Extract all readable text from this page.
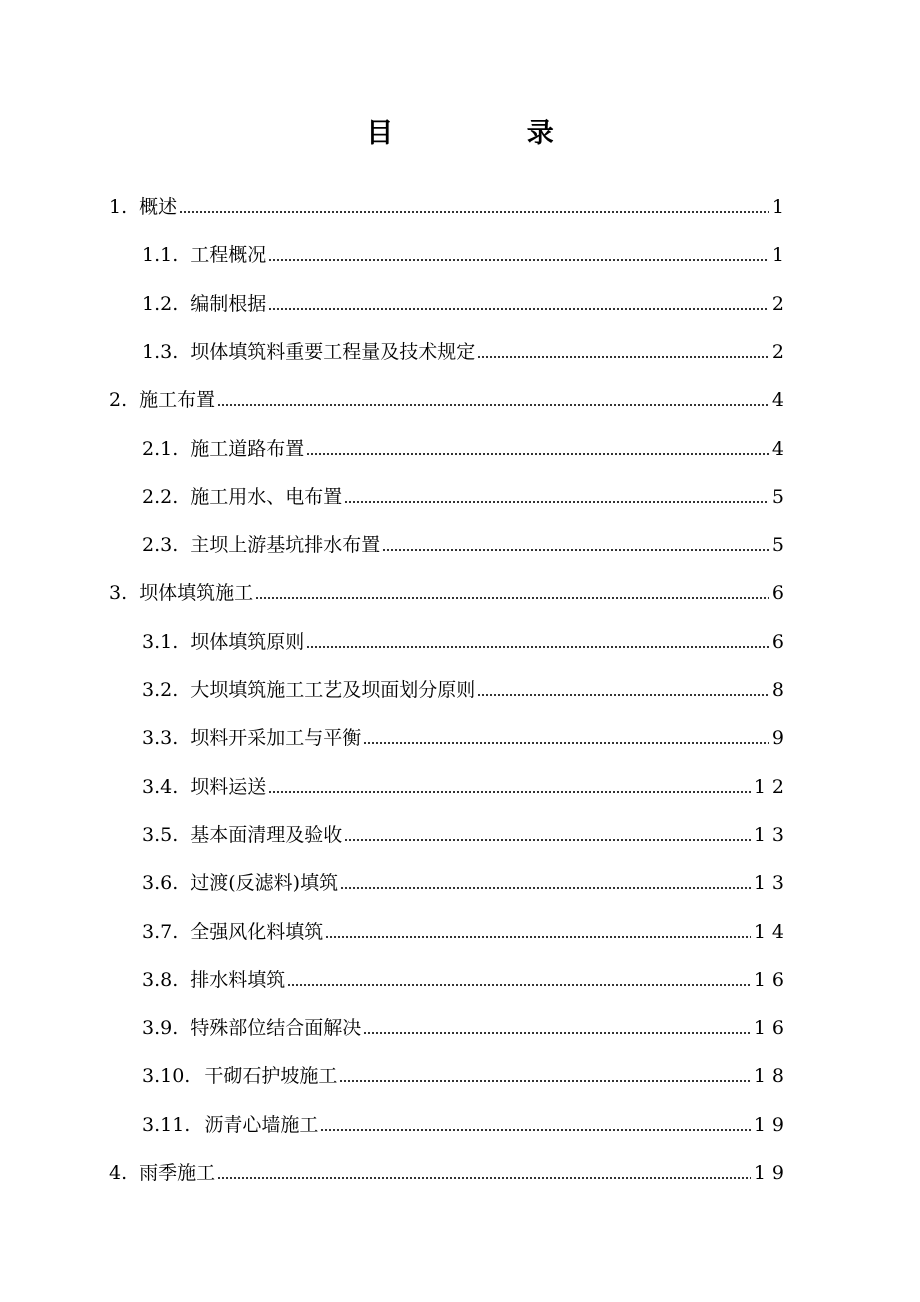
目 录
1. 概述	1
1.1. 工程概况	1
1.2. 编制根据	2
1.3. 坝体填筑料重要工程量及技术规定	2
2. 施工布置	4
2.1. 施工道路布置	4
2.2. 施工用水、电布置	5
2.3. 主坝上游基坑排水布置	5
3. 坝体填筑施工	6
3.1. 坝体填筑原则	6
3.2. 大坝填筑施工工艺及坝面划分原则	8
3.3. 坝料开采加工与平衡	9
3.4. 坝料运送	12
3.5. 基本面清理及验收	13
3.6. 过渡(反滤料)填筑	13
3.7. 全强风化料填筑	14
3.8. 排水料填筑	16
3.9. 特殊部位结合面解决	16
3.10. 干砌石护坡施工	18
3.11. 沥青心墙施工	19
4. 雨季施工	19
